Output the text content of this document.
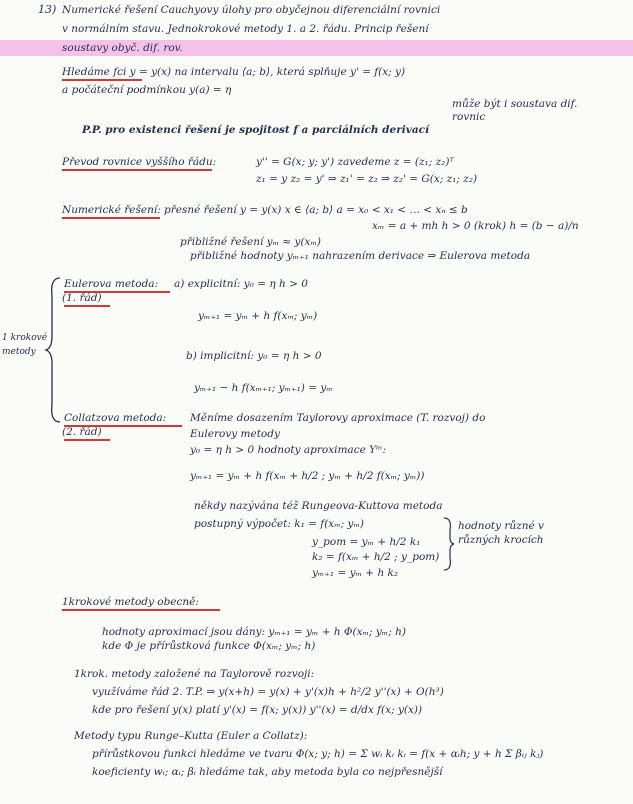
13) Numerické řešení Cauchyovy úlohy pro obyčejnou diferenciální rovnici
v normálním stavu. Jednokrokové metody 1. a 2. řádu. Princip řešení
soustavy obyč. dif. rov.
Hledáme fci y = y(x) na intervalu ⟨a; b⟩, která splňuje y' = f(x; y)
a počáteční podmínkou y(a) = η
může být i soustava dif.
rovnic
P.P. pro existenci řešení je spojitost f a parciálních derivací
Převod rovnice vyššího řádu:	y'' = G(x; y; y') zavedeme z = (z₁; z₂)ᵀ
z₁ = y z₂ = y' ⇒ z₁' = z₂ ⇒ z₂' = G(x; z₁; z₂)
Numerické řešení: přesné řešení y = y(x) x ∈ ⟨a; b⟩ a = x₀ < x₁ < … < xₙ ≤ b
xₘ = a + mh h > 0 (krok) h = (b − a)/n
přibližné řešení yₘ ≈ y(xₘ)
přibližné hodnoty yₘ₊₁ nahrazením derivace ⇒ Eulerova metoda
1 krokové
metody
Eulerova metoda:
(1. řád)
a) explicitní: y₀ = η h > 0
yₘ₊₁ = yₘ + h f(xₘ; yₘ)
b) implicitní: y₀ = η h > 0
yₘ₊₁ − h f(xₘ₊₁; yₘ₊₁) = yₘ
Collatzova metoda:
(2. řád)
Měníme dosazením Taylorovy aproximace (T. rozvoj) do
Eulerovy metody
y₀ = η h > 0 hodnoty aproximace Yᵐ:
yₘ₊₁ = yₘ + h f(xₘ + h/2 ; yₘ + h/2 f(xₘ; yₘ))
někdy nazývána též Rungeova-Kuttova metoda
postupný výpočet: k₁ = f(xₘ; yₘ)
y_pom = yₘ + h/2 k₁
k₂ = f(xₘ + h/2 ; y_pom)
yₘ₊₁ = yₘ + h k₂
hodnoty různé v
různých krocích
1krokové metody obecně:
hodnoty aproximací jsou dány: yₘ₊₁ = yₘ + h Φ(xₘ; yₘ; h)
kde Φ je přírůstková funkce Φ(xₘ; yₘ; h)
1krok. metody založené na Taylorově rozvoji:
využíváme řád 2. T.P. ⇒ y(x+h) = y(x) + y'(x)h + h²/2 y''(x) + O(h³)
kde pro řešení y(x) platí y'(x) = f(x; y(x)) y''(x) = d/dx f(x; y(x))
Metody typu Runge–Kutta (Euler a Collatz):
přírůstkovou funkci hledáme ve tvaru Φ(x; y; h) = Σ wᵢ kᵢ kᵢ = f(x + αᵢh; y + h Σ βᵢⱼ kⱼ)
koeficienty wᵢ; αᵢ; βᵢ hledáme tak, aby metoda byla co nejpřesnější
